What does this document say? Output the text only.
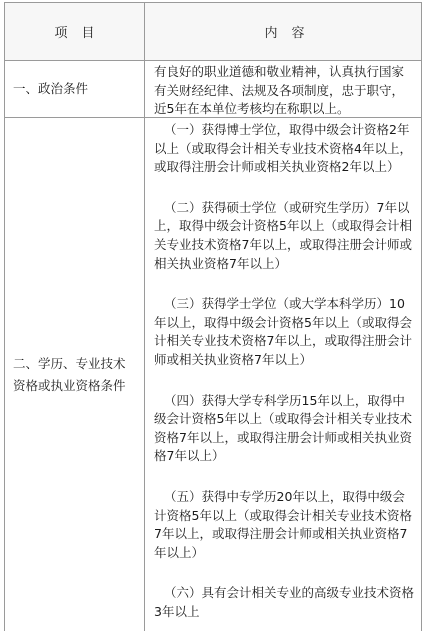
项目	内容
一、政治条件

有良好的职业道德和敬业精神，认真执行国家有关财经纪律、法规及各项制度，忠于职守，近5年在本单位考核均在称职以上。

二、学历、专业技术
资格或执业资格条件

（一）获得博士学位，取得中级会计资格2年以上（或取得会计相关专业技术资格4年以上，或取得注册会计师或相关执业资格2年以上）

（二）获得硕士学位（或研究生学历）7年以上，取得中级会计资格5年以上（或取得会计相关专业技术资格7年以上，或取得注册会计师或相关执业资格7年以上）

（三）获得学士学位（或大学本科学历）10年以上，取得中级会计资格5年以上（或取得会计相关专业技术资格7年以上，或取得注册会计师或相关执业资格7年以上）

（四）获得大学专科学历15年以上，取得中级会计资格5年以上（或取得会计相关专业技术资格7年以上，或取得注册会计师或相关执业资格7年以上）

（五）获得中专学历20年以上，取得中级会计资格5年以上（或取得会计相关专业技术资格7年以上，或取得注册会计师或相关执业资格7年以上）

（六）具有会计相关专业的高级专业技术资格3年以上
